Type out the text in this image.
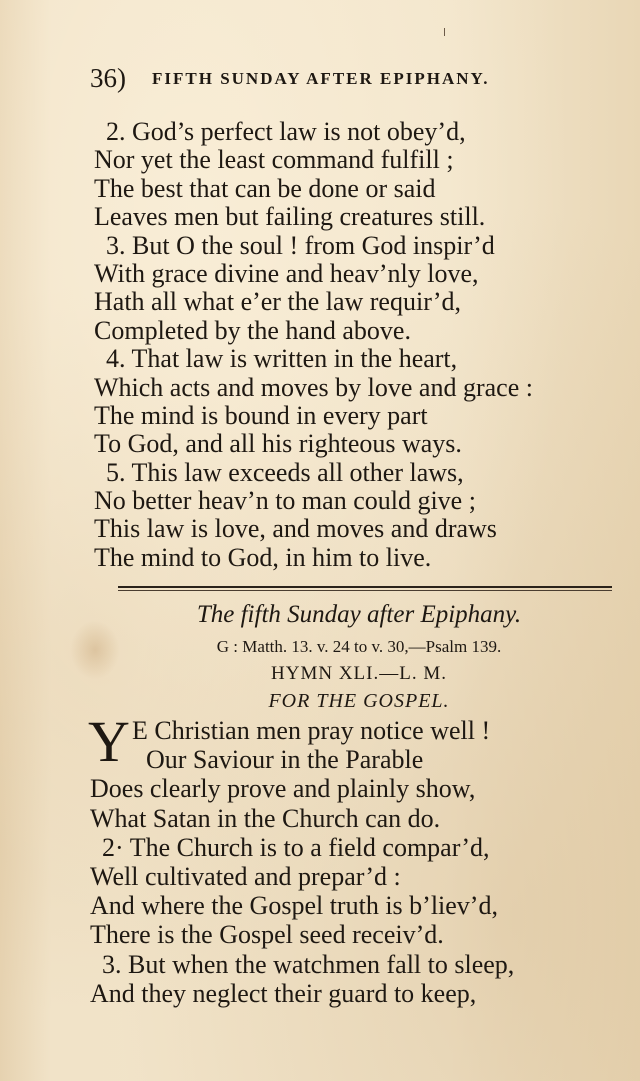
36) FIFTH SUNDAY AFTER EPIPHANY.
2. God’s perfect law is not obey’d,
Nor yet the least command fulfill ;
The best that can be done or said
Leaves men but failing creatures still.
3. But O the soul ! from God inspir’d
With grace divine and heav’nly love,
Hath all what e’er the law requir’d,
Completed by the hand above.
4. That law is written in the heart,
Which acts and moves by love and grace :
The mind is bound in every part
To God, and all his righteous ways.
5. This law exceeds all other laws,
No better heav’n to man could give ;
This law is love, and moves and draws
The mind to God, in him to live.
The fifth Sunday after Epiphany.
G : Matth. 13. v. 24 to v. 30,—Psalm 139.
HYMN XLI.—L. M.
FOR THE GOSPEL.
Y E Christian men pray notice well !
Our Saviour in the Parable
Does clearly prove and plainly show,
What Satan in the Church can do.
2· The Church is to a field compar’d,
Well cultivated and prepar’d :
And where the Gospel truth is b’liev’d,
There is the Gospel seed receiv’d.
3. But when the watchmen fall to sleep,
And they neglect their guard to keep,
